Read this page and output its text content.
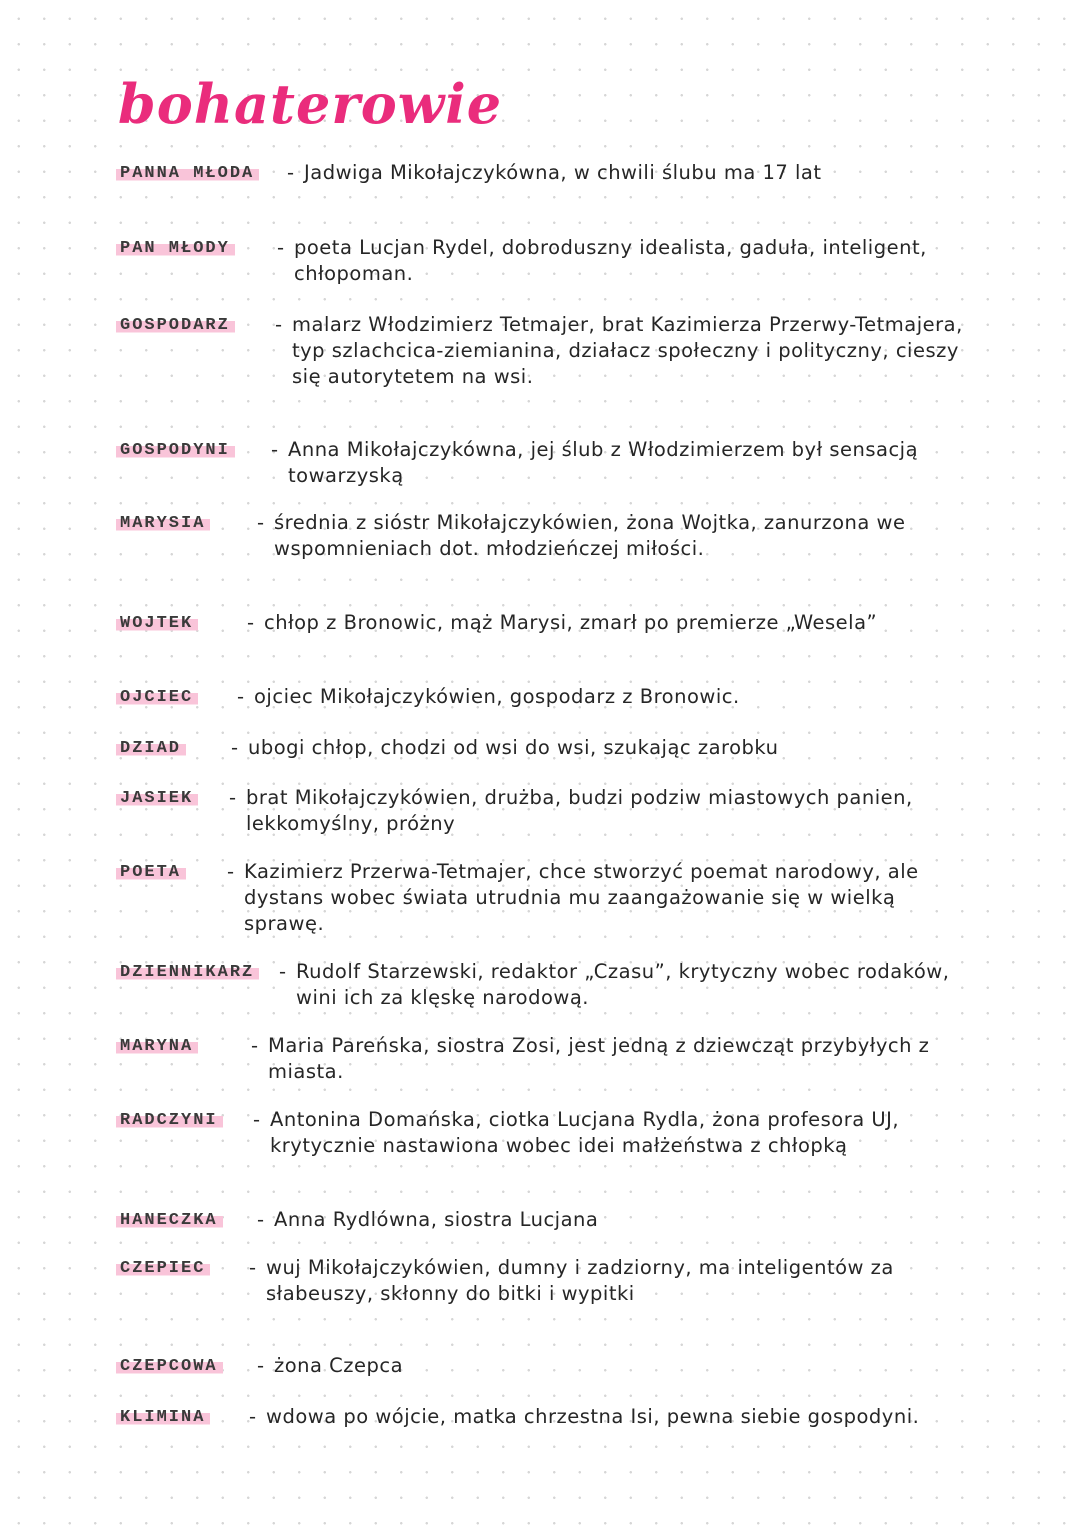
bohaterowie
PANNA MŁODA	- Jadwiga Mikołajczykówna, w chwili ślubu ma 17 lat

PAN MŁODY	- poeta Lucjan Rydel, dobroduszny idealista, gaduła, inteligent, chłopoman.

GOSPODARZ	- malarz Włodzimierz Tetmajer, brat Kazimierza Przerwy-Tetmajera, typ szlachcica-ziemianina, działacz społeczny i polityczny, cieszy się autorytetem na wsi.

GOSPODYNI	- Anna Mikołajczykówna, jej ślub z Włodzimierzem był sensacją towarzyską

MARYSIA	- średnia z sióstr Mikołajczykówien, żona Wojtka, zanurzona we wspomnieniach dot. młodzieńczej miłości.

WOJTEK	- chłop z Bronowic, mąż Marysi, zmarł po premierze „Wesela”

OJCIEC	- ojciec Mikołajczykówien, gospodarz z Bronowic.

DZIAD	- ubogi chłop, chodzi od wsi do wsi, szukając zarobku

JASIEK	- brat Mikołajczykówien, drużba, budzi podziw miastowych panien, lekkomyślny, próżny

POETA	- Kazimierz Przerwa-Tetmajer, chce stworzyć poemat narodowy, ale dystans wobec świata utrudnia mu zaangażowanie się w wielką sprawę.

DZIENNIKARZ - Rudolf Starzewski, redaktor „Czasu”, krytyczny wobec rodaków, wini ich za klęskę narodową.

MARYNA	- Maria Pareńska, siostra Zosi, jest jedną z dziewcząt przybyłych z miasta.

RADCZYNI	- Antonina Domańska, ciotka Lucjana Rydla, żona profesora UJ, krytycznie nastawiona wobec idei małżeństwa z chłopką

HANECZKA	- Anna Rydlówna, siostra Lucjana

CZEPIEC	- wuj Mikołajczykówien, dumny i zadziorny, ma inteligentów za słabeuszy, skłonny do bitki i wypitki

CZEPCOWA	- żona Czepca

KLIMINA	- wdowa po wójcie, matka chrzestna Isi, pewna siebie gospodyni.
